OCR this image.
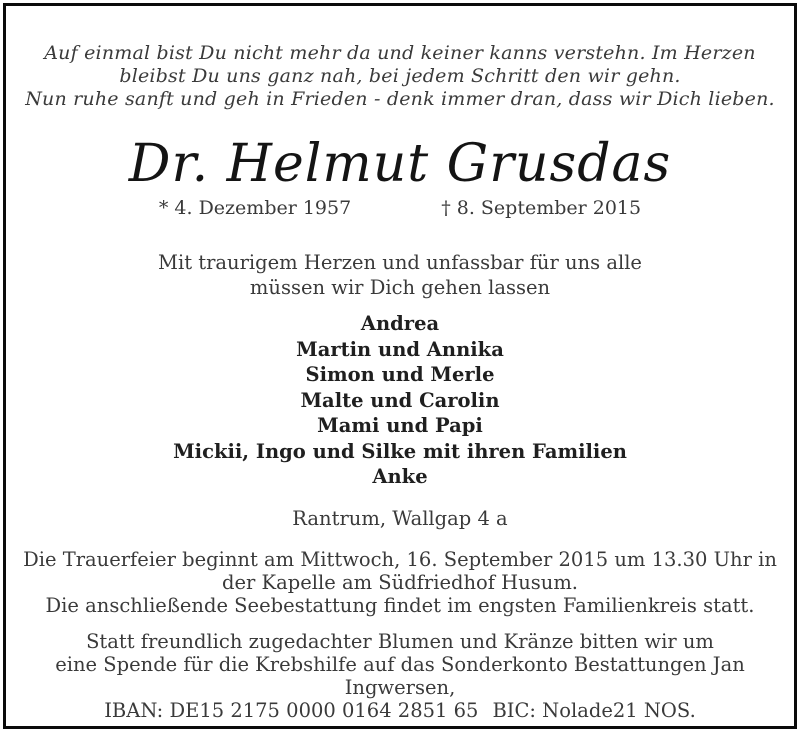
Auf einmal bist Du nicht mehr da und keiner kanns verstehn. Im Herzen
bleibst Du uns ganz nah, bei jedem Schritt den wir gehn.
Nun ruhe sanft und geh in Frieden - denk immer dran, dass wir Dich lieben.
Dr. Helmut Grusdas
* 4. Dezember 1957	† 8. September 2015
Mit traurigem Herzen und unfassbar für uns alle
müssen wir Dich gehen lassen
Andrea
Martin und Annika
Simon und Merle
Malte und Carolin
Mami und Papi
Mickii, Ingo und Silke mit ihren Familien
Anke
Rantrum, Wallgap 4 a
Die Trauerfeier beginnt am Mittwoch, 16. September 2015 um 13.30 Uhr in
der Kapelle am Südfriedhof Husum.
Die anschließende Seebestattung findet im engsten Familienkreis statt.
Statt freundlich zugedachter Blumen und Kränze bitten wir um
eine Spende für die Krebshilfe auf das Sonderkonto Bestattungen Jan Ingwersen,
IBAN: DE15 2175 0000 0164 2851 65 BIC: Nolade21 NOS.
